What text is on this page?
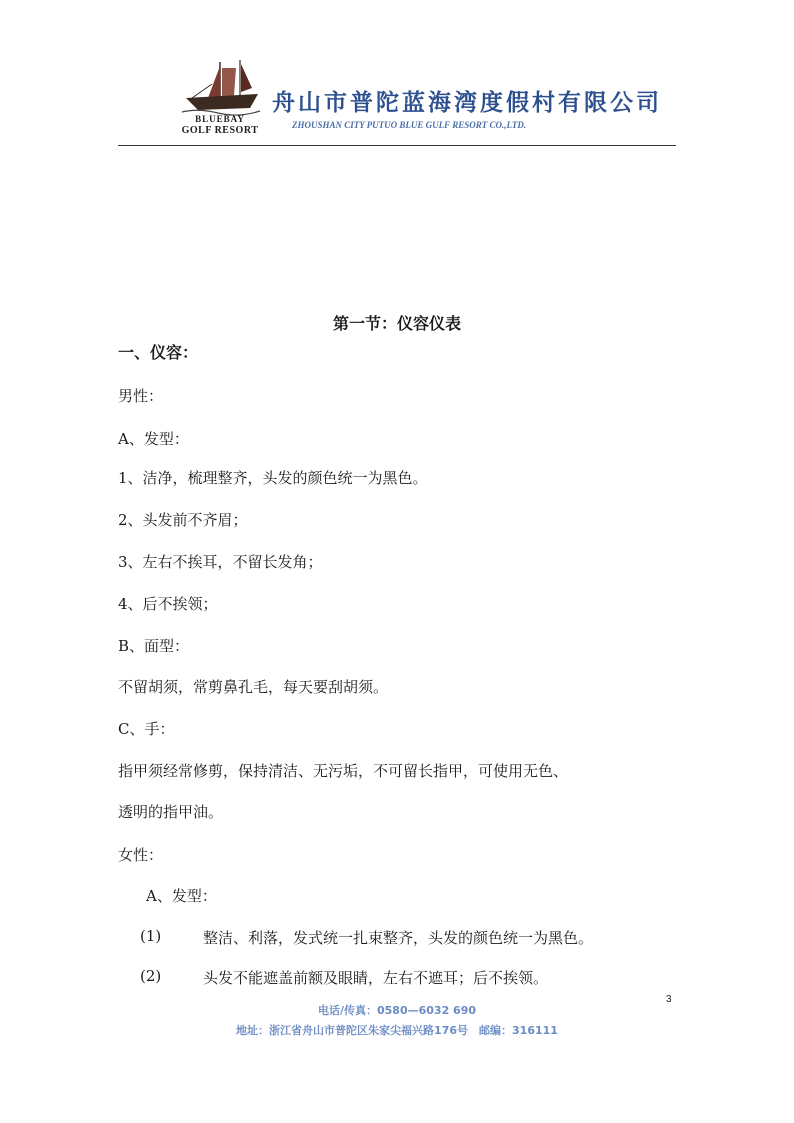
BLUEBAY
GOLF RESORT
舟山市普陀蓝海湾度假村有限公司
ZHOUSHAN CITY PUTUO BLUE GULF RESORT CO.,LTD.
第一节：仪容仪表
一、仪容：
男性：
A、发型：
1、洁净，梳理整齐，头发的颜色统一为黑色。
2、头发前不齐眉；
3、左右不挨耳，不留长发角；
4、后不挨领；
B、面型：
不留胡须，常剪鼻孔毛，每天要刮胡须。
C、手：
指甲须经常修剪，保持清洁、无污垢，不可留长指甲，可使用无色、
透明的指甲油。
女性：
A、发型：
(1)	整洁、利落，发式统一扎束整齐，头发的颜色统一为黑色。
(2)	头发不能遮盖前额及眼睛，左右不遮耳；后不挨领。
3
电话/传真：0580—6032 690
地址：浙江省舟山市普陀区朱家尖福兴路176号　邮编：316111
